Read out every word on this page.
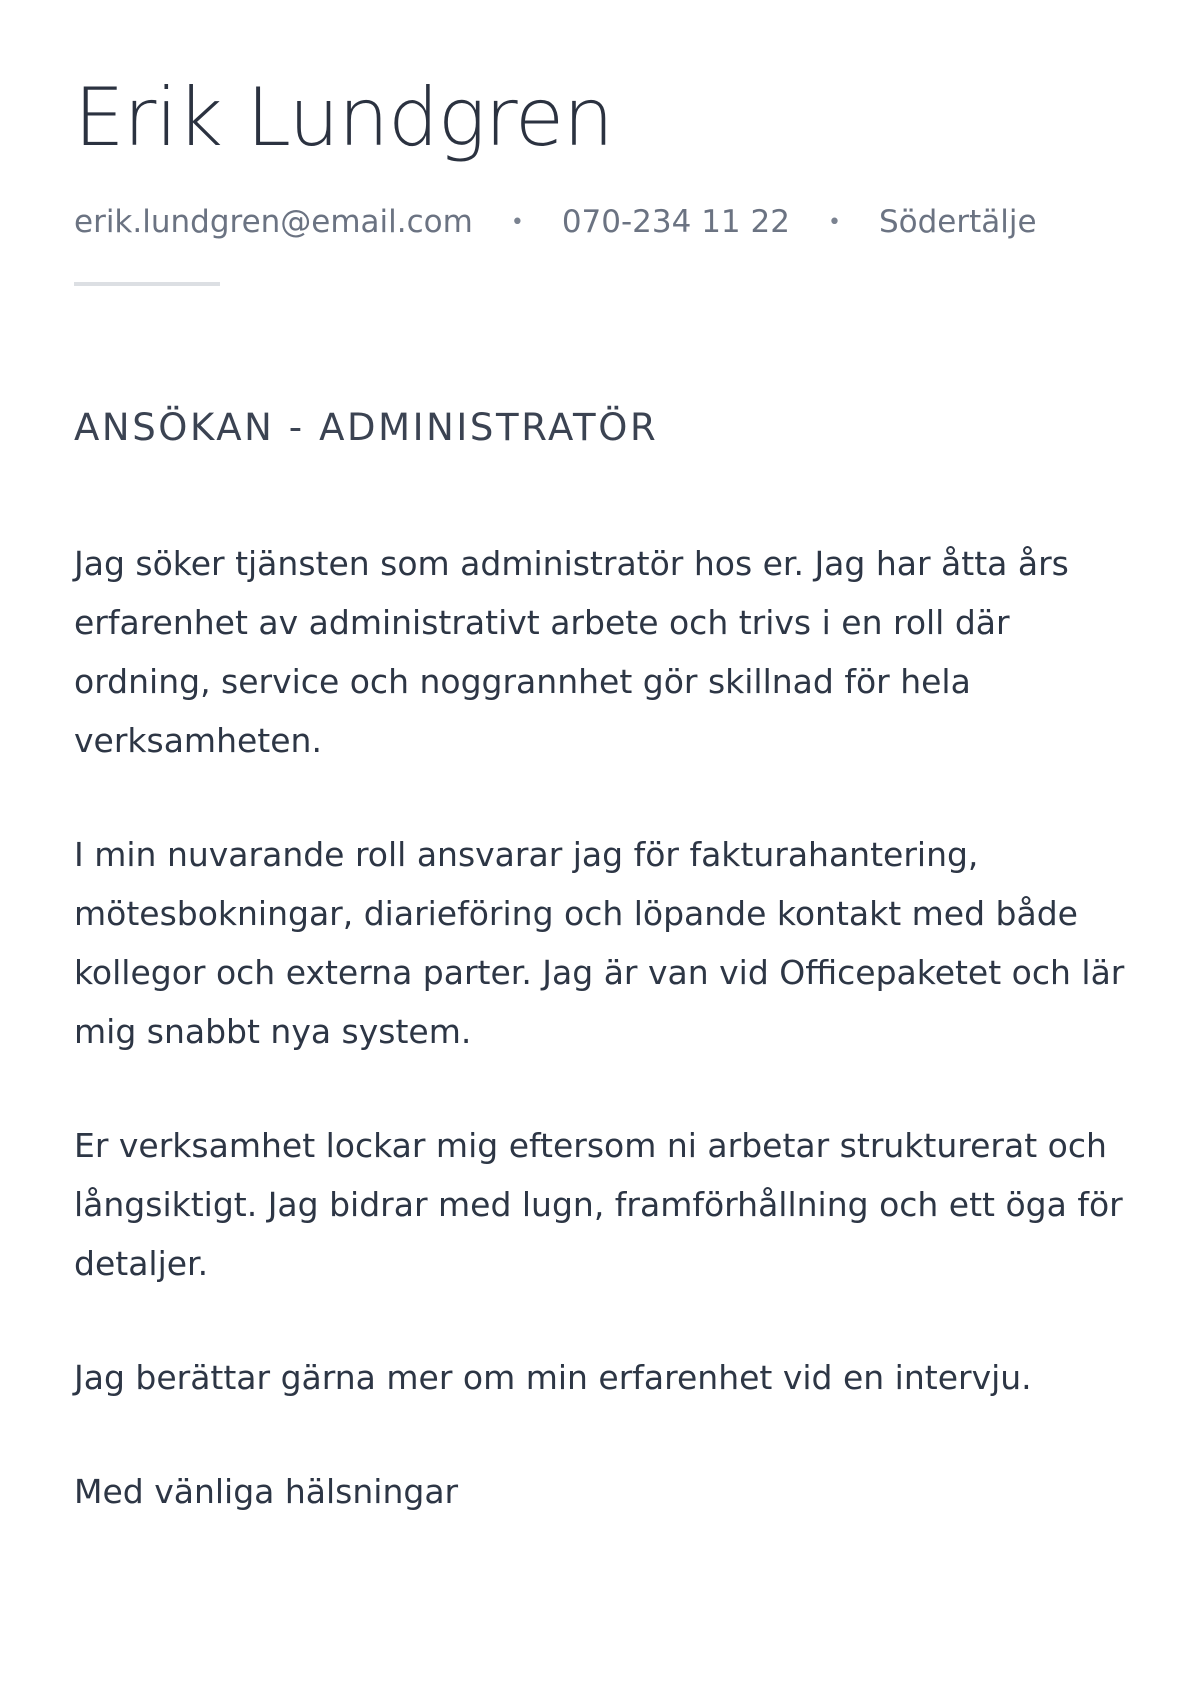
Erik Lundgren
erik.lundgren@email.com	•	070-234 11 22	•	Södertälje
ANSÖKAN - ADMINISTRATÖR

Jag söker tjänsten som administratör hos er. Jag har åtta års erfarenhet av administrativt arbete och trivs i en roll där ordning, service och noggrannhet gör skillnad för hela verksamheten.

I min nuvarande roll ansvarar jag för fakturahantering, mötesbokningar, diarieföring och löpande kontakt med både kollegor och externa parter. Jag är van vid Officepaketet och lär mig snabbt nya system.

Er verksamhet lockar mig eftersom ni arbetar strukturerat och långsiktigt. Jag bidrar med lugn, framförhållning och ett öga för detaljer.

Jag berättar gärna mer om min erfarenhet vid en intervju.

Med vänliga hälsningar
